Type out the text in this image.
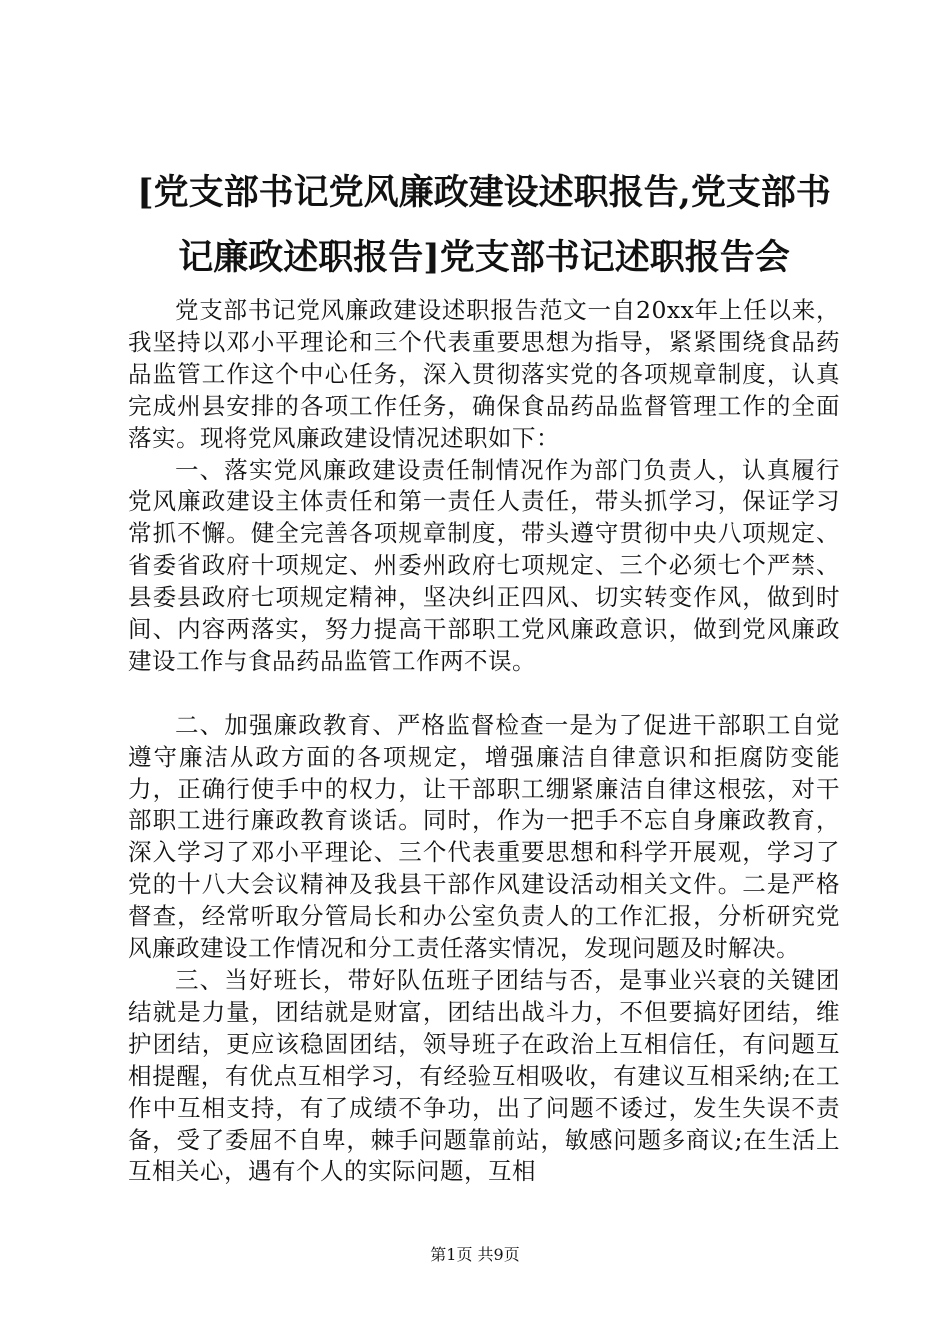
[党支部书记党风廉政建设述职报告,党支部书记廉政述职报告]党支部书记述职报告会

党支部书记党风廉政建设述职报告范文一自20xx年上任以来，我坚持以邓小平理论和三个代表重要思想为指导，紧紧围绕食品药品监管工作这个中心任务，深入贯彻落实党的各项规章制度，认真完成州县安排的各项工作任务，确保食品药品监督管理工作的全面落实。现将党风廉政建设情况述职如下：

一、落实党风廉政建设责任制情况作为部门负责人，认真履行党风廉政建设主体责任和第一责任人责任，带头抓学习，保证学习常抓不懈。健全完善各项规章制度，带头遵守贯彻中央八项规定、省委省政府十项规定、州委州政府七项规定、三个必须七个严禁、县委县政府七项规定精神，坚决纠正四风、切实转变作风，做到时间、内容两落实，努力提高干部职工党风廉政意识，做到党风廉政建设工作与食品药品监管工作两不误。

二、加强廉政教育、严格监督检查一是为了促进干部职工自觉遵守廉洁从政方面的各项规定，增强廉洁自律意识和拒腐防变能力，正确行使手中的权力，让干部职工绷紧廉洁自律这根弦，对干部职工进行廉政教育谈话。同时，作为一把手不忘自身廉政教育，深入学习了邓小平理论、三个代表重要思想和科学开展观，学习了党的十八大会议精神及我县干部作风建设活动相关文件。二是严格督查，经常听取分管局长和办公室负责人的工作汇报，分析研究党风廉政建设工作情况和分工责任落实情况，发现问题及时解决。

三、当好班长，带好队伍班子团结与否，是事业兴衰的关键团结就是力量，团结就是财富，团结出战斗力，不但要搞好团结，维护团结，更应该稳固团结，领导班子在政治上互相信任，有问题互相提醒，有优点互相学习，有经验互相吸收，有建议互相采纳;在工作中互相支持，有了成绩不争功，出了问题不诿过，发生失误不责备，受了委屈不自卑，棘手问题靠前站，敏感问题多商议;在生活上互相关心，遇有个人的实际问题，互相

第1页 共9页
